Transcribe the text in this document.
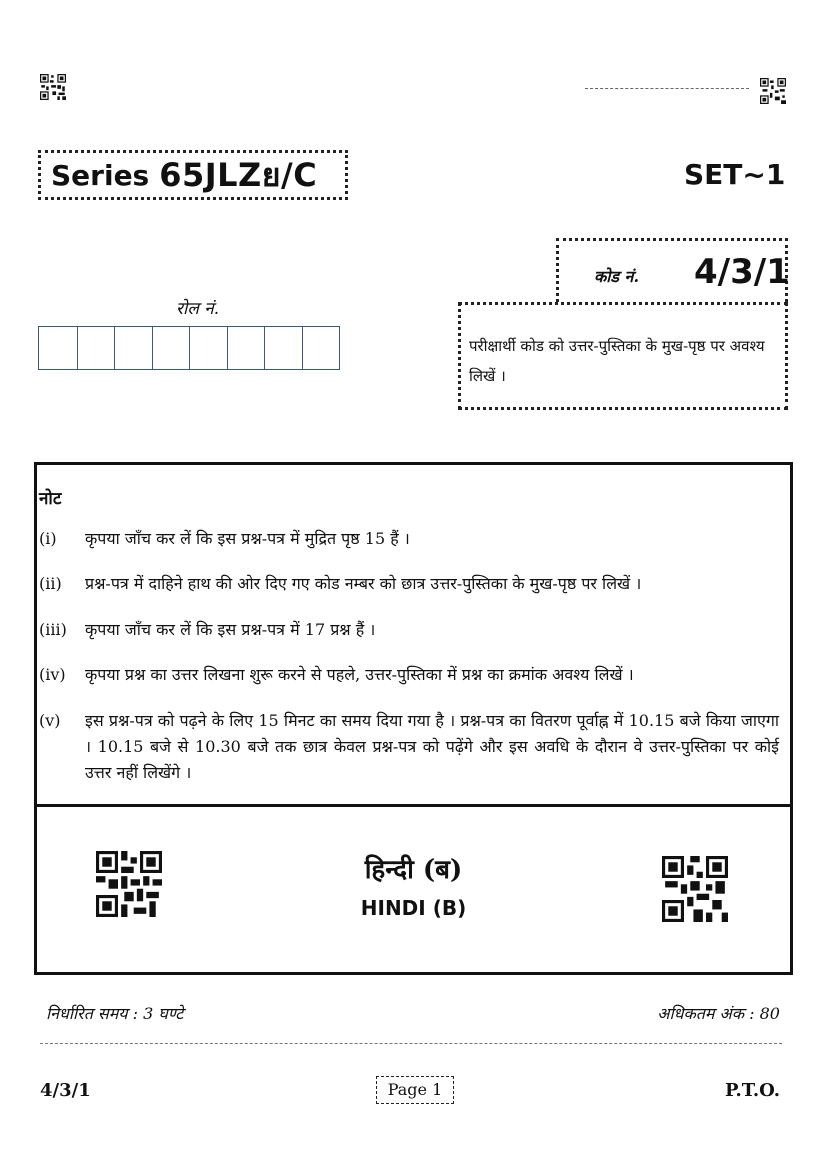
Series 65JLZย/C	SET~1
कोड नं. 4/3/1
परीक्षार्थी कोड को उत्तर-पुस्तिका के मुख-पृष्ठ पर अवश्य लिखें ।
रोल नं.
नोट
(i)	कृपया जाँच कर लें कि इस प्रश्न-पत्र में मुद्रित पृष्ठ 15 हैं ।
(ii)	प्रश्न-पत्र में दाहिने हाथ की ओर दिए गए कोड नम्बर को छात्र उत्तर-पुस्तिका के मुख-पृष्ठ पर लिखें ।
(iii)	कृपया जाँच कर लें कि इस प्रश्न-पत्र में 17 प्रश्न हैं ।
(iv)	कृपया प्रश्न का उत्तर लिखना शुरू करने से पहले, उत्तर-पुस्तिका में प्रश्न का क्रमांक अवश्य लिखें ।
(v)	इस प्रश्न-पत्र को पढ़ने के लिए 15 मिनट का समय दिया गया है । प्रश्न-पत्र का वितरण पूर्वाह्न में 10.15 बजे किया जाएगा । 10.15 बजे से 10.30 बजे तक छात्र केवल प्रश्न-पत्र को पढ़ेंगे और इस अवधि के दौरान वे उत्तर-पुस्तिका पर कोई उत्तर नहीं लिखेंगे ।
हिन्दी (ब)
HINDI (B)
निर्धारित समय : 3 घण्टे	अधिकतम अंक : 80
4/3/1	Page 1	P.T.O.
